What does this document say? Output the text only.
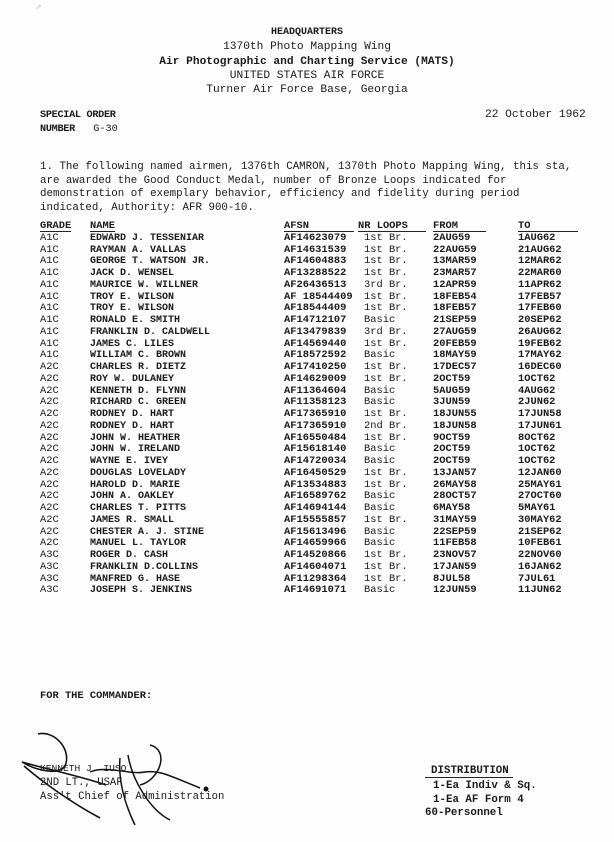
↗
HEADQUARTERS
1370th Photo Mapping Wing
Air Photographic and Charting Service (MATS)
UNITED STATES AIR FORCE
Turner Air Force Base, Georgia
SPECIAL ORDER
NUMBER G-30
22 October 1962
1. The following named airmen, 1376th CAMRON, 1370th Photo Mapping Wing, this sta, are awarded the Good Conduct Medal, number of Bronze Loops indicated for demonstration of exemplary behavior, efficiency and fidelity during period indicated, Authority: AFR 900-10.
GRADE NAME	AFSN	NR LOOPS	FROM	TO
A1C	EDWARD J. TESSENIAR	AF14623079 1st Br. 2AUG59	1AUG62
A1C	RAYMAN A. VALLAS	AF14631539 1st Br. 22AUG59	21AUG62
A1C	GEORGE T. WATSON JR.	AF14604883 1st Br. 13MAR59	12MAR62
A1C	JACK D. WENSEL	AF13288522 1st Br. 23MAR57	22MAR60
A1C	MAURICE W. WILLNER	AF26436513 3rd Br. 12APR59	11APR62
A1C	TROY E. WILSON	AF 18544409 1st Br. 18FEB54	17FEB57
A1C	TROY E. WILSON	AF18544409 1st Br. 18FEB57	17FEB60
A1C	RONALD E. SMITH	AF14712107 Basic	21SEP59	20SEP62
A1C	FRANKLIN D. CALDWELL	AF13479839 3rd Br. 27AUG59	26AUG62
A1C	JAMES C. LILES	AF14569440 1st Br. 20FEB59	19FEB62
A1C	WILLIAM C. BROWN	AF18572592 Basic	18MAY59	17MAY62
A2C	CHARLES R. DIETZ	AF17410250 1st Br. 17DEC57	16DEC60
A2C	ROY W. DULANEY	AF14629009 1st Br. 2OCT59	1OCT62
A2C	KENNETH D. FLYNN	AF11364604 Basic	5AUG59	4AUG62
A2C	RICHARD C. GREEN	AF11358123 Basic	3JUN59	2JUN62
A2C	RODNEY D. HART	AF17365910 1st Br. 18JUN55	17JUN58
A2C	RODNEY D. HART	AF17365910 2nd Br. 18JUN58	17JUN61
A2C	JOHN W. HEATHER	AF16550484 1st Br. 9OCT59	8OCT62
A2C	JOHN W. IRELAND	AF15618140 Basic	2OCT59	1OCT62
A2C	WAYNE E. IVEY	AF14720034 Basic	2OCT59	1OCT62
A2C	DOUGLAS LOVELADY	AF16450529 1st Br. 13JAN57	12JAN60
A2C	HAROLD D. MARIE	AF13534883 1st Br. 26MAY58	25MAY61
A2C	JOHN A. OAKLEY	AF16589762 Basic	28OCT57	27OCT60
A2C	CHARLES T. PITTS	AF14694144 Basic	6MAY58	5MAY61
A2C	JAMES R. SMALL	AF15555857 1st Br. 31MAY59	30MAY62
A2C	CHESTER A. J. STINE	AF15613496 Basic	22SEP59	21SEP62
A2C	MANUEL L. TAYLOR	AF14659966 Basic	11FEB58	10FEB61
A3C	ROGER D. CASH	AF14520866 1st Br. 23NOV57	22NOV60
A3C	FRANKLIN D.COLLINS	AF14604071 1st Br. 17JAN59	16JAN62
A3C	MANFRED G. HASE	AF11298364 1st Br. 8JUL58	7JUL61
A3C	JOSEPH S. JENKINS	AF14691071 Basic	12JUN59	11JUN62
FOR THE COMMANDER:
KENNETH J. IUSO
2ND LT., USAF
Ass't Chief of Administration
DISTRIBUTION
1-Ea Indiv & Sq.
1-Ea AF Form 4
60-Personnel
